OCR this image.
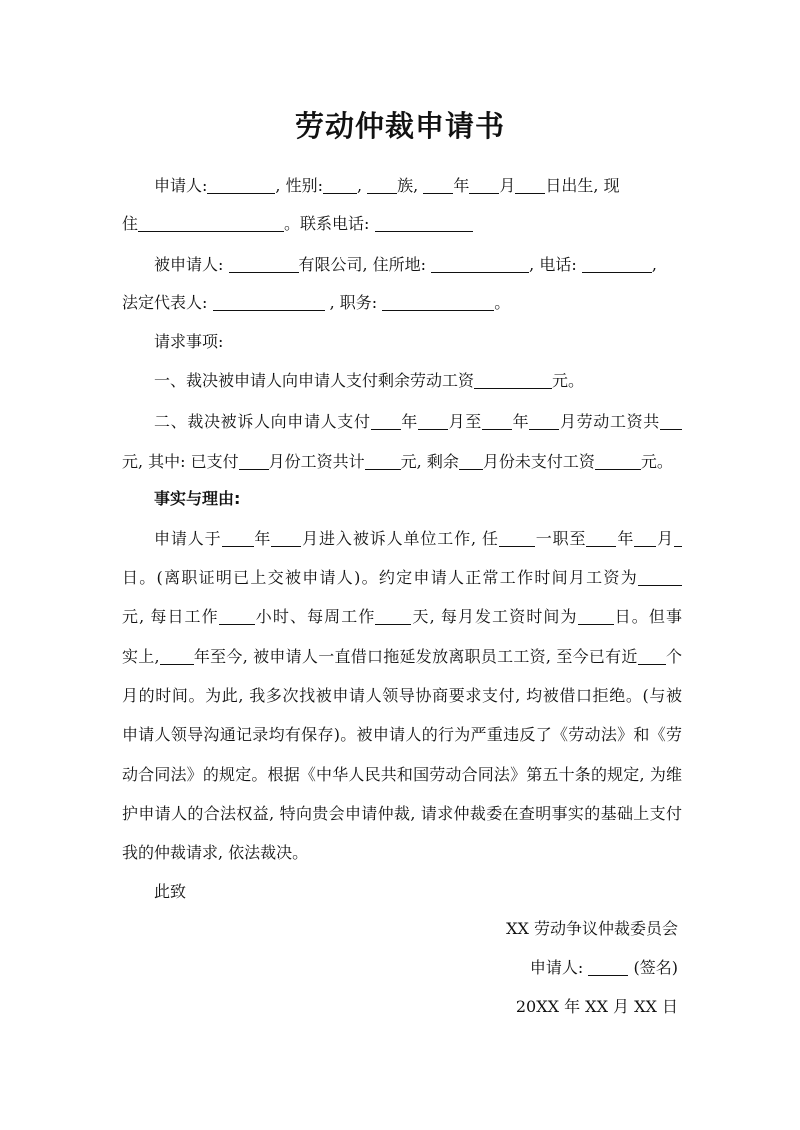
劳动仲裁申请书
申请人:	, 性别: , 族, 年 月 日出生, 现
住	。联系电话:
被申请人:	有限公司, 住所地:	, 电话:	,
法定代表人:	, 职务:	。
请求事项:
一、裁决被申请人向申请人支付剩余劳动工资	元。
二、裁决被诉人向申请人支付 年 月至 年 月劳动工资共
元, 其中: 已支付 月份工资共计 元, 剩余 月份未支付工资	元。
事实与理由:
申请人于 年 月进入被诉人单位工作, 任 一职至 年 月
日。(离职证明已上交被申请人)。约定申请人正常工作时间月工资为
元, 每日工作 小时、每周工作 天, 每月发工资时间为 日。但事
实上, 年至今, 被申请人一直借口拖延发放离职员工工资, 至今已有近 个
月的时间。为此, 我多次找被申请人领导协商要求支付, 均被借口拒绝。(与被
申请人领导沟通记录均有保存)。被申请人的行为严重违反了《劳动法》和《劳
动合同法》的规定。根据《中华人民共和国劳动合同法》第五十条的规定, 为维
护申请人的合法权益, 特向贵会申请仲裁, 请求仲裁委在查明事实的基础上支付
我的仲裁请求, 依法裁决。
此致
XX 劳动争议仲裁委员会
申请人:	(签名)
20XX 年 XX 月 XX 日
